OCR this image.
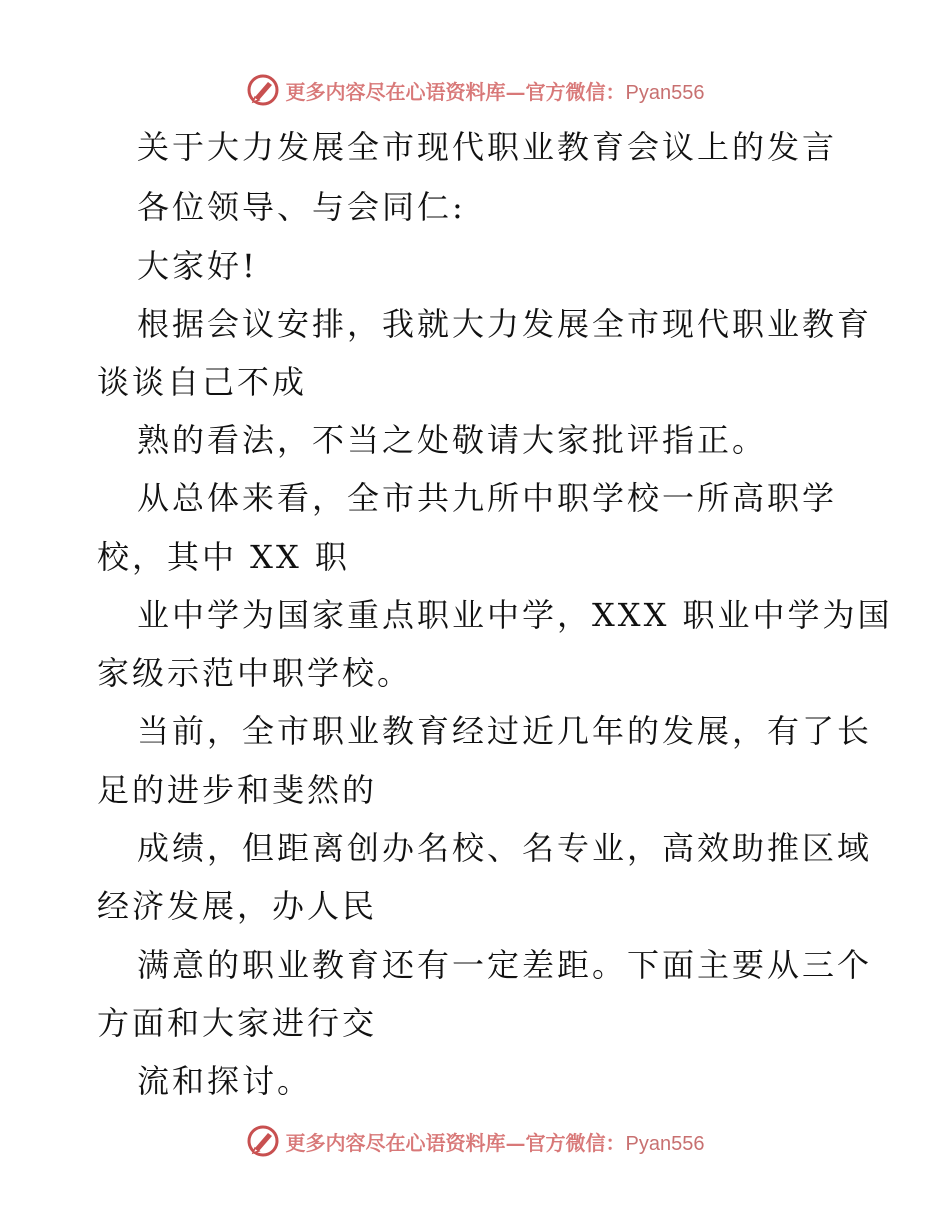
更多内容尽在心语资料库—官方微信：Pyan556
关于大力发展全市现代职业教育会议上的发言
各位领导、与会同仁:
大家好!
根据会议安排，我就大力发展全市现代职业教育
谈谈自己不成
熟的看法，不当之处敬请大家批评指正。
从总体来看，全市共九所中职学校一所高职学
校，其中 XX 职
业中学为国家重点职业中学，XXX 职业中学为国
家级示范中职学校。
当前，全市职业教育经过近几年的发展，有了长
足的进步和斐然的
成绩，但距离创办名校、名专业，高效助推区域
经济发展，办人民
满意的职业教育还有一定差距。下面主要从三个
方面和大家进行交
流和探讨。
更多内容尽在心语资料库—官方微信：Pyan556
